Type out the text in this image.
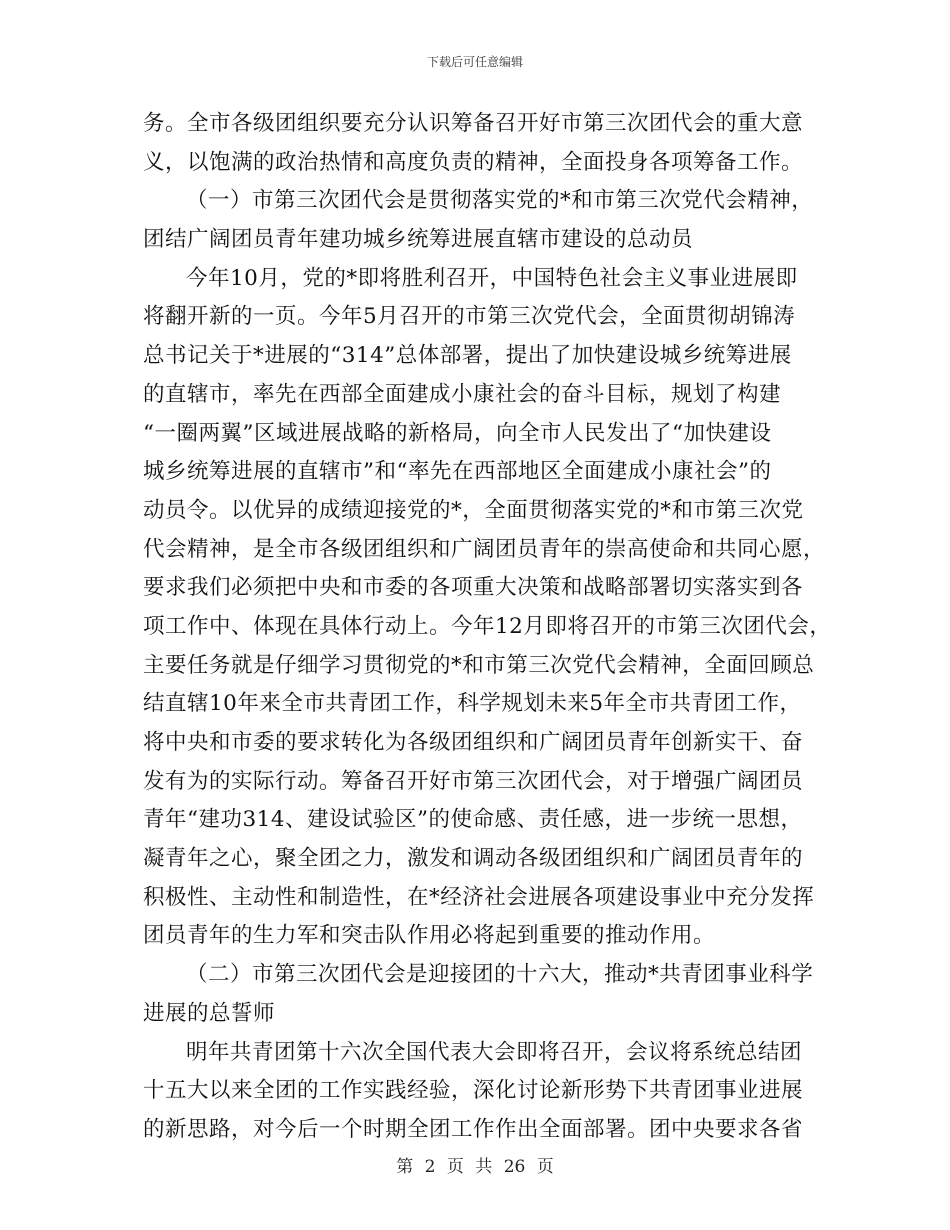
下载后可任意编辑
务。全市各级团组织要充分认识筹备召开好市第三次团代会的重大意
义，以饱满的政治热情和高度负责的精神，全面投身各项筹备工作。
（一）市第三次团代会是贯彻落实党的*和市第三次党代会精神，
团结广阔团员青年建功城乡统筹进展直辖市建设的总动员
今年10月，党的*即将胜利召开，中国特色社会主义事业进展即
将翻开新的一页。今年5月召开的市第三次党代会，全面贯彻胡锦涛
总书记关于*进展的“314”总体部署，提出了加快建设城乡统筹进展
的直辖市，率先在西部全面建成小康社会的奋斗目标，规划了构建
“一圈两翼”区域进展战略的新格局，向全市人民发出了“加快建设
城乡统筹进展的直辖市”和“率先在西部地区全面建成小康社会”的
动员令。以优异的成绩迎接党的*，全面贯彻落实党的*和市第三次党
代会精神，是全市各级团组织和广阔团员青年的崇高使命和共同心愿，
要求我们必须把中央和市委的各项重大决策和战略部署切实落实到各
项工作中、体现在具体行动上。今年12月即将召开的市第三次团代会，
主要任务就是仔细学习贯彻党的*和市第三次党代会精神，全面回顾总
结直辖10年来全市共青团工作，科学规划未来5年全市共青团工作，
将中央和市委的要求转化为各级团组织和广阔团员青年创新实干、奋
发有为的实际行动。筹备召开好市第三次团代会，对于增强广阔团员
青年“建功314、建设试验区”的使命感、责任感，进一步统一思想，
凝青年之心，聚全团之力，激发和调动各级团组织和广阔团员青年的
积极性、主动性和制造性，在*经济社会进展各项建设事业中充分发挥
团员青年的生力军和突击队作用必将起到重要的推动作用。
（二）市第三次团代会是迎接团的十六大，推动*共青团事业科学
进展的总誓师
明年共青团第十六次全国代表大会即将召开，会议将系统总结团
十五大以来全团的工作实践经验，深化讨论新形势下共青团事业进展
的新思路，对今后一个时期全团工作作出全面部署。团中央要求各省
第 2 页 共 26 页
